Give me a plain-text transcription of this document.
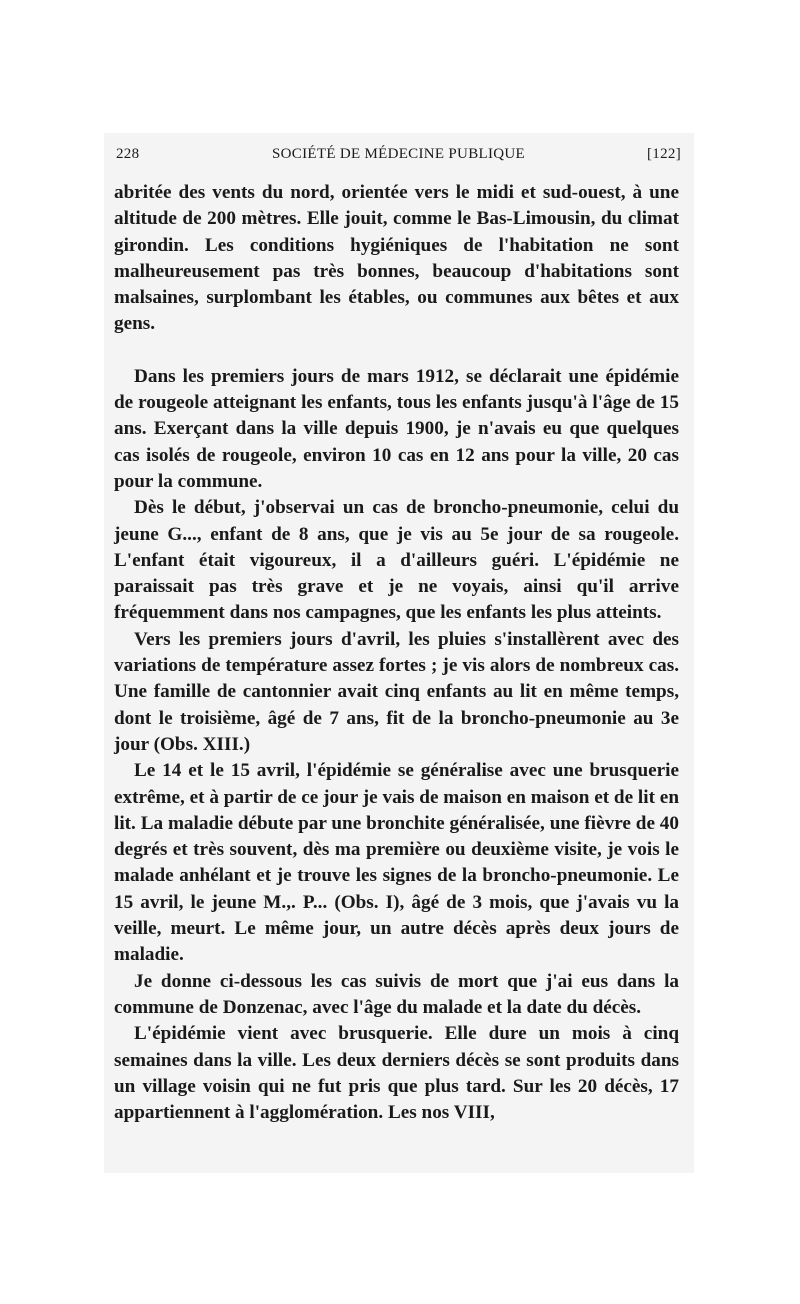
228	SOCIÉTÉ DE MÉDECINE PUBLIQUE	[122]

abritée des vents du nord, orientée vers le midi et sud-ouest, à une altitude de 200 mètres. Elle jouit, comme le Bas-Limousin, du climat girondin. Les conditions hygiéniques de l'habitation ne sont malheureusement pas très bonnes, beaucoup d'habitations sont malsaines, surplombant les étables, ou communes aux bêtes et aux gens.

Dans les premiers jours de mars 1912, se déclarait une épidémie de rougeole atteignant les enfants, tous les enfants jusqu'à l'âge de 15 ans. Exerçant dans la ville depuis 1900, je n'avais eu que quelques cas isolés de rougeole, environ 10 cas en 12 ans pour la ville, 20 cas pour la commune.

Dès le début, j'observai un cas de broncho-pneumonie, celui du jeune G..., enfant de 8 ans, que je vis au 5e jour de sa rougeole. L'enfant était vigoureux, il a d'ailleurs guéri. L'épidémie ne paraissait pas très grave et je ne voyais, ainsi qu'il arrive fréquemment dans nos campagnes, que les enfants les plus atteints.

Vers les premiers jours d'avril, les pluies s'installèrent avec des variations de température assez fortes ; je vis alors de nombreux cas. Une famille de cantonnier avait cinq enfants au lit en même temps, dont le troisième, âgé de 7 ans, fit de la broncho-pneumonie au 3e jour (Obs. XIII.)

Le 14 et le 15 avril, l'épidémie se généralise avec une brusquerie extrême, et à partir de ce jour je vais de maison en maison et de lit en lit. La maladie débute par une bronchite généralisée, une fièvre de 40 degrés et très souvent, dès ma première ou deuxième visite, je vois le malade anhélant et je trouve les signes de la broncho-pneumonie. Le 15 avril, le jeune M.,. P... (Obs. I), âgé de 3 mois, que j'avais vu la veille, meurt. Le même jour, un autre décès après deux jours de maladie.

Je donne ci-dessous les cas suivis de mort que j'ai eus dans la commune de Donzenac, avec l'âge du malade et la date du décès.

L'épidémie vient avec brusquerie. Elle dure un mois à cinq semaines dans la ville. Les deux derniers décès se sont produits dans un village voisin qui ne fut pris que plus tard. Sur les 20 décès, 17 appartiennent à l'agglomération. Les nos VIII,
